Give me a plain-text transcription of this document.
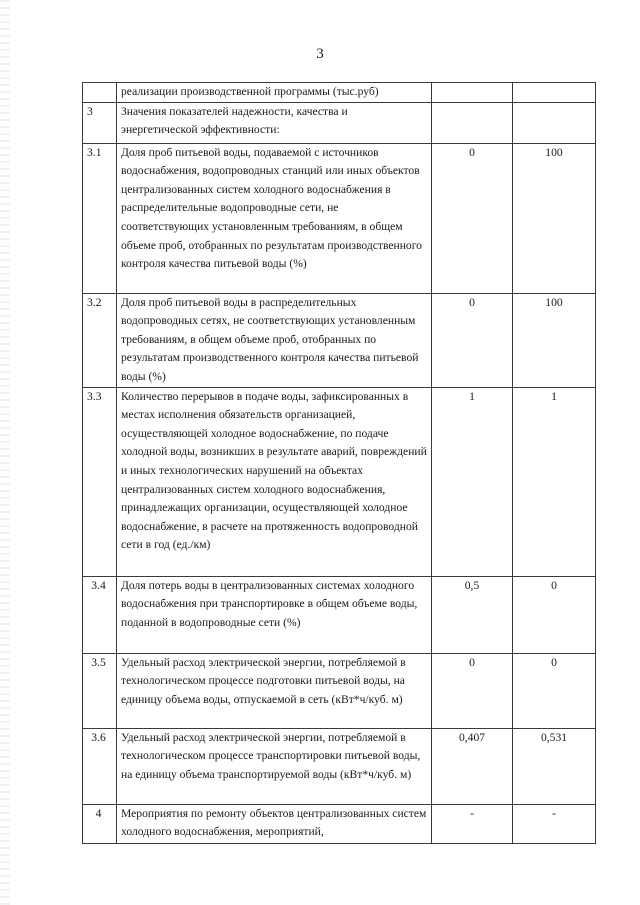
3
	реализации производственной программы (тыс.руб)		
3	Значения показателей надежности, качества и энергетической эффективности:		
3.1	Доля проб питьевой воды, подаваемой с источников водоснабжения, водопроводных станций или иных объектов централизованных систем холодного водоснабжения в распределительные водопроводные сети, не соответствующих установленным требованиям, в общем объеме проб, отобранных по результатам производственного контроля качества питьевой воды (%)	0	100
3.2	Доля проб питьевой воды в распределительных водопроводных сетях, не соответствующих установленным требованиям, в общем объеме проб, отобранных по результатам производственного контроля качества питьевой воды (%)	0	100
3.3	Количество перерывов в подаче воды, зафиксированных в местах исполнения обязательств организацией, осуществляющей холодное водоснабжение, по подаче холодной воды, возникших в результате аварий, повреждений и иных технологических нарушений на объектах централизованных систем холодного водоснабжения, принадлежащих организации, осуществляющей холодное водоснабжение, в расчете на протяженность водопроводной сети в год (ед./км)	1	1
3.4	Доля потерь воды в централизованных системах холодного водоснабжения при транспортировке в общем объеме воды, поданной в водопроводные сети (%)	0,5	0
3.5	Удельный расход электрической энергии, потребляемой в технологическом процессе подготовки питьевой воды, на единицу объема воды, отпускаемой в сеть (кВт*ч/куб. м)	0	0
3.6	Удельный расход электрической энергии, потребляемой в технологическом процессе транспортировки питьевой воды, на единицу объема транспортируемой воды (кВт*ч/куб. м)	0,407	0,531
4	Мероприятия по ремонту объектов централизованных систем холодного водоснабжения, мероприятий,	-	-
